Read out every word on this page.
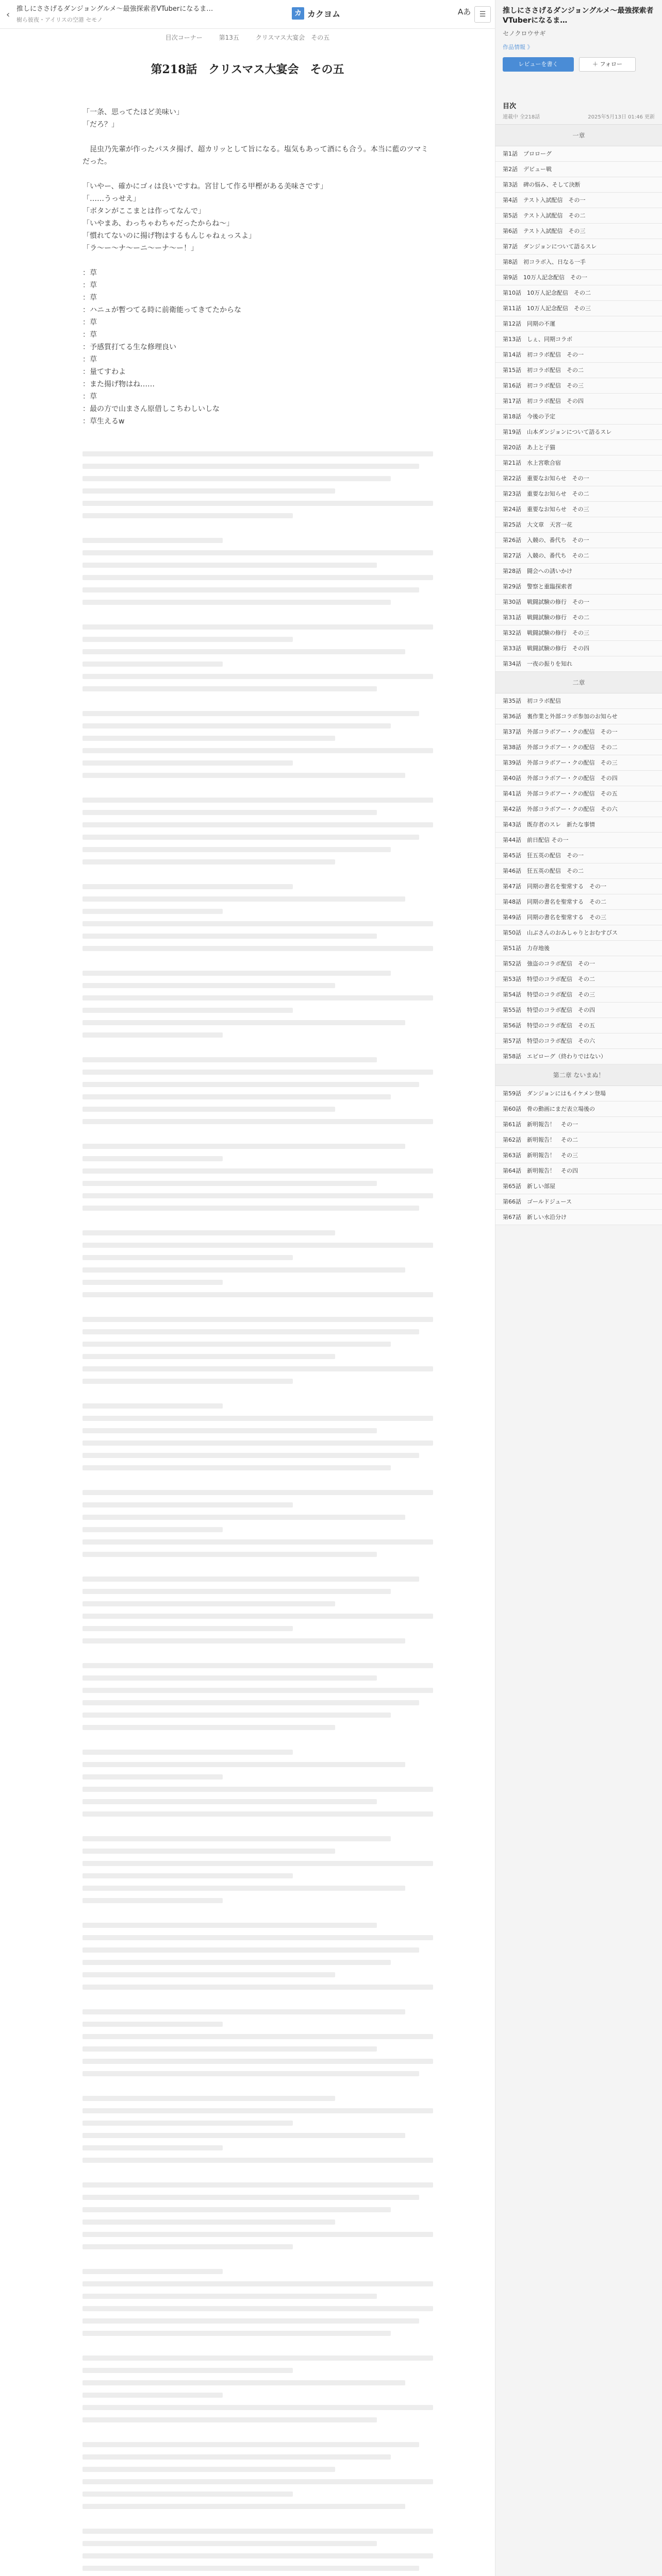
‹
推しにささげるダンジョングルメ〜最強探索者VTuberになるま…
樹ら彼夜・アイリスの空港 セモノ
カ カクヨム	Aあ	☰
目次コーナー	第13五 クリスマス大宴会　その五
第218話　クリスマス大宴会　その五

「一条、思ってたほど美味い」

「だろ？」

　昆虫乃先輩が作ったパスタ揚げ、超カリッとして旨になる。塩気もあって酒にも合う。本当に藍のツマミだった。

「いやー、確かにゴィは良いですね。宮甘して作る甲樫がある美味さです」

「……うっせえ」

「ボタンがここまとは作ってなんで」

「いやまあ、わっちゃわちゃだったからね〜」

「慣れてないのに揚げ物はするもんじゃねぇっスよ」

「ラ〜ー～ナ〜ーニ〜ーナ〜ー！」

：草

：草

：草

：ハニュが暫つてる時に前衛能ってきてたからな

：草

：草

：予感質打てる生な修理良い

：草

：量てすわよ

：また揚げ物はね……

：草

：最の方で山まさん原借しこちわしいしな

：草生えるw

推しにささげるダンジョングルメ〜最強探索者VTuberになるま…
セノクロウサギ
作品情報 》
レビューを書く	＋ フォロー
目次
連載中 全218話	2025年5月13日 01:46 更新
一章
第1話　プロローグ
第2話　デビュー戦
第3話　碑の悩み、そして決断
第4話　テスト入試配信　その一
第5話　テスト入試配信　その二
第6話　テスト入試配信　その三
第7話　ダンジョンについて語るスレ
第8話　初コラボ入、日なる一手
第9話　10万人記念配信　その一
第10話　10万人記念配信　その二
第11話　10万人記念配信　その三
第12話　同期の不運
第13話　しぇ、同期コラボ
第14話　初コラボ配信　その一
第15話　初コラボ配信　その二
第16話　初コラボ配信　その三
第17話　初コラボ配信　その四
第18話　今後の予定
第19話　山本ダンジョンについて語るスレ
第20話　あ上と子猫
第21話　水上宮歌合宿
第22話　重要なお知らせ　その一
第23話　重要なお知らせ　その二
第24話　重要なお知らせ　その三
第25話　大文章　天宮一花
第26話　入競の、番代ち　その一
第27話　入競の、番代ち　その二
第28話　闘会への誘いかけ
第29話　警察と重臨探索者
第30話　戦闘試験の修行　その一
第31話　戦闘試験の修行　その二
第32話　戦闘試験の修行　その三
第33話　戦闘試験の修行　その四
第34話　一夜の振りを知れ
二章
第35話　初コラボ配信
第36話　裏作業と外部コラボ参加のお知らせ
第37話　外部コラボアー・クの配信　その一
第38話　外部コラボアー・クの配信　その二
第39話　外部コラボアー・クの配信　その三
第40話　外部コラボアー・クの配信　その四
第41話　外部コラボアー・クの配信　その五
第42話　外部コラボアー・クの配信　その六
第43話　既存者のスレ　新たな事情
第44話　前日配信 その一
第45話　狂五英の配信　その一
第46話　狂五英の配信　その二
第47話　同期の書名を聖常する　その一
第48話　同期の書名を聖常する　その二
第49話　同期の書名を聖常する　その三
第50話　山ぶさんのおみしゃりとおむすびス
第51話　力存地後
第52話　強盗のコラボ配信　その一
第53話　特望のコラボ配信　その二
第54話　特望のコラボ配信　その三
第55話　特望のコラボ配信　その四
第56話　特望のコラボ配信　その五
第57話　特望のコラボ配信　その六
第58話　エピローグ（終わりではない）
第二章 ないまぬ！
第59話　ダンジョンにはもイケメン登場
第60話　骨の動画にまだ表立場後の
第61話　新明報告！　その一
第62話　新明報告！　その二
第63話　新明報告！　その三
第64話　新明報告！　その四
第65話　新しい部屋
第66話　ゴールドジュース
第67話　新しい水沿分け
